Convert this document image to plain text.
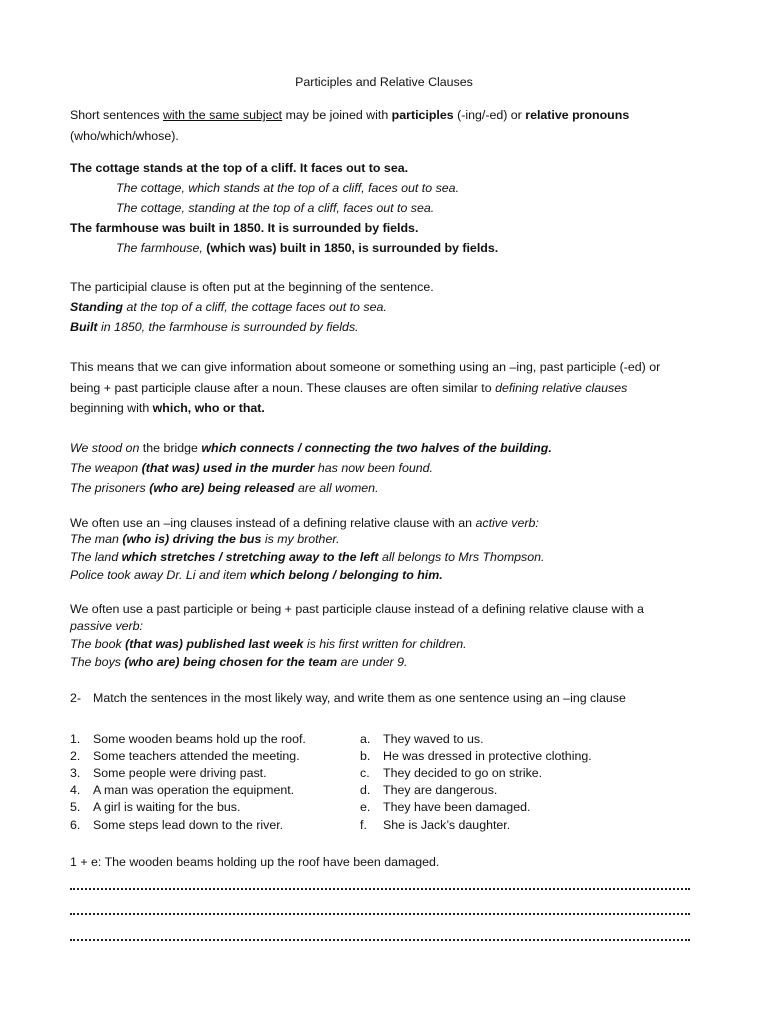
Participles and Relative Clauses
Short sentences with the same subject may be joined with participles (-ing/-ed) or relative pronouns
(who/which/whose).
The cottage stands at the top of a cliff. It faces out to sea.
The cottage, which stands at the top of a cliff, faces out to sea.
The cottage, standing at the top of a cliff, faces out to sea.
The farmhouse was built in 1850. It is surrounded by fields.
The farmhouse, (which was) built in 1850, is surrounded by fields.
The participial clause is often put at the beginning of the sentence.
Standing at the top of a cliff, the cottage faces out to sea.
Built in 1850, the farmhouse is surrounded by fields.
This means that we can give information about someone or something using an –ing, past participle (-ed) or
being + past participle clause after a noun. These clauses are often similar to defining relative clauses
beginning with which, who or that.
We stood on the bridge which connects / connecting the two halves of the building.
The weapon (that was) used in the murder has now been found.
The prisoners (who are) being released are all women.
We often use an –ing clauses instead of a defining relative clause with an active verb:
The man (who is) driving the bus is my brother.
The land which stretches / stretching away to the left all belongs to Mrs Thompson.
Police took away Dr. Li and item which belong / belonging to him.
We often use a past participle or being + past participle clause instead of a defining relative clause with a
passive verb:
The book (that was) published last week is his first written for children.
The boys (who are) being chosen for the team are under 9.
2- Match the sentences in the most likely way, and write them as one sentence using an –ing clause
1. Some wooden beams hold up the roof.
2. Some teachers attended the meeting.
3. Some people were driving past.
4. A man was operation the equipment.
5. A girl is waiting for the bus.
6. Some steps lead down to the river.
a. They waved to us.
b. He was dressed in protective clothing.
c. They decided to go on strike.
d. They are dangerous.
e. They have been damaged.
f. She is Jack’s daughter.
1 + e: The wooden beams holding up the roof have been damaged.
